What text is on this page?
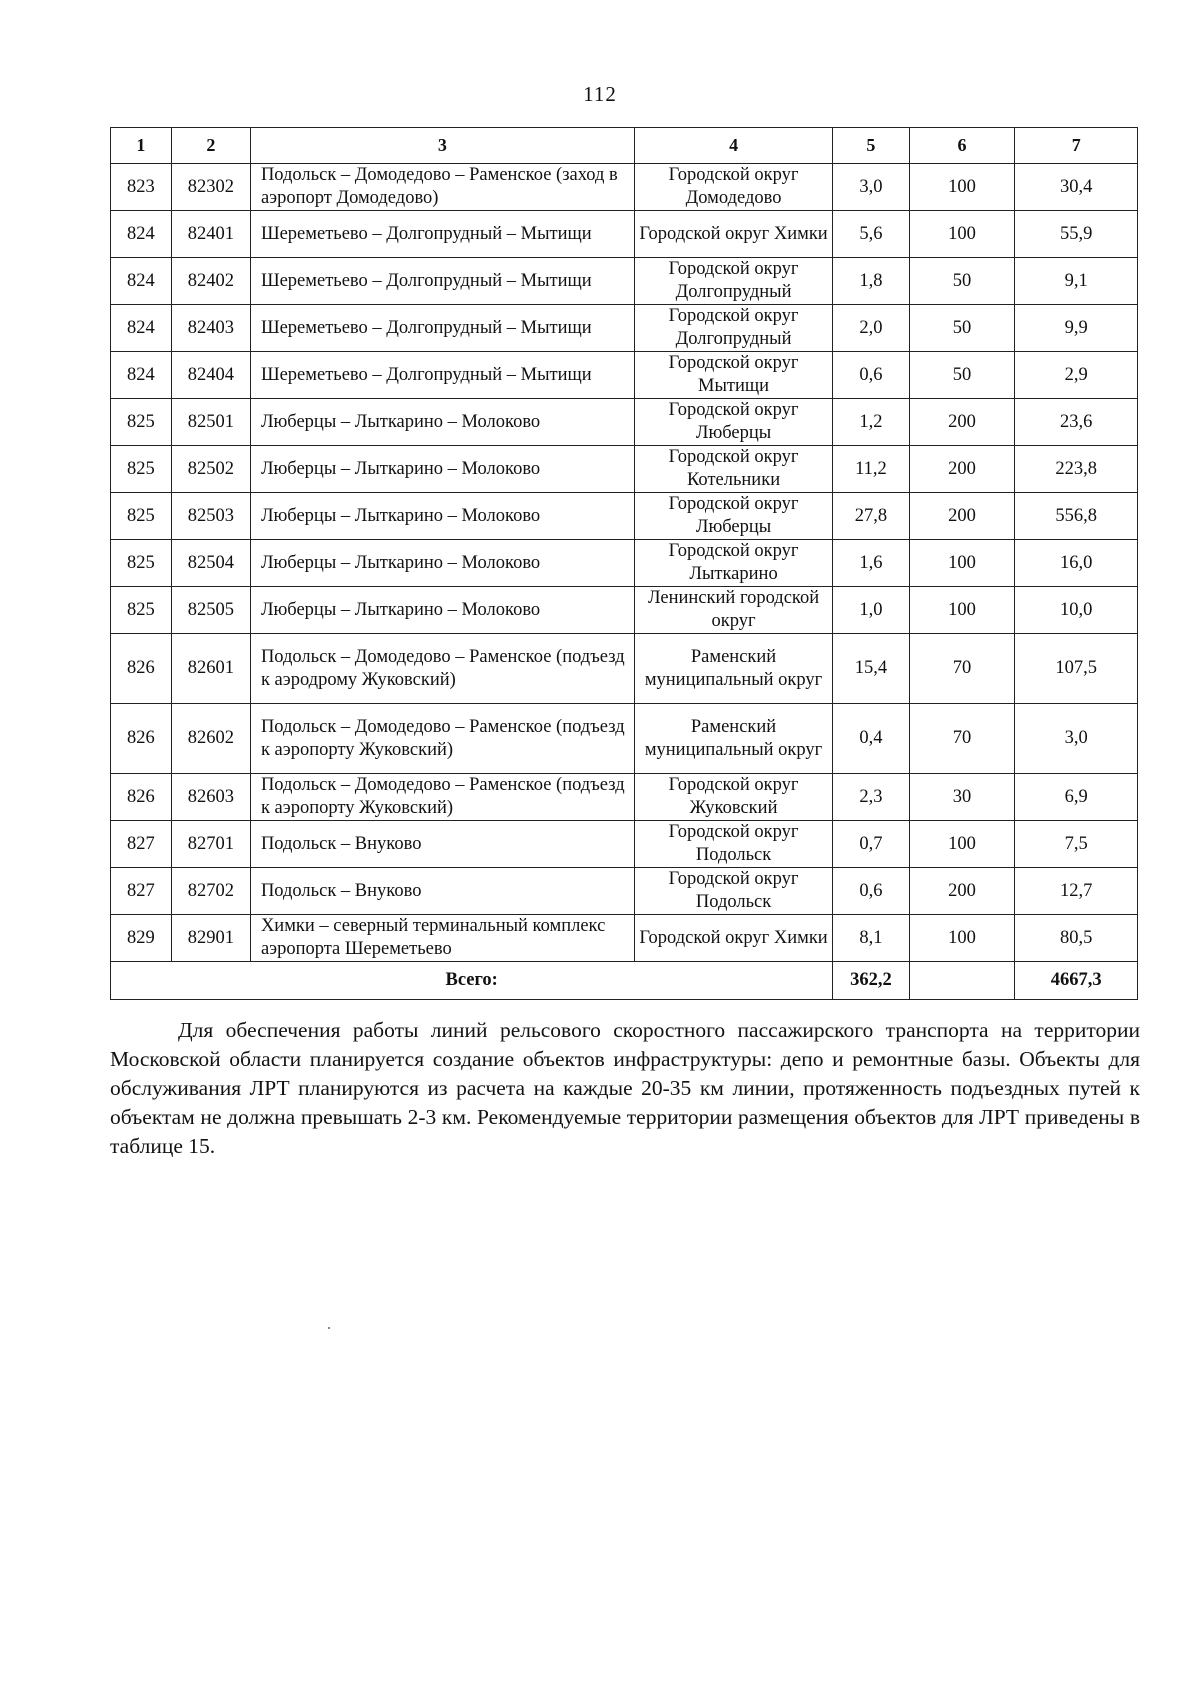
112
1	2	3	4	5	6	7
823	82302	Подольск – Домодедово – Раменское (заход в аэропорт Домодедово)	Городской округ Домодедово	3,0	100	30,4
824	82401	Шереметьево – Долгопрудный – Мытищи	Городской округ Химки	5,6	100	55,9
824	82402	Шереметьево – Долгопрудный – Мытищи	Городской округ Долгопрудный	1,8	50	9,1
824	82403	Шереметьево – Долгопрудный – Мытищи	Городской округ Долгопрудный	2,0	50	9,9
824	82404	Шереметьево – Долгопрудный – Мытищи	Городской округ Мытищи	0,6	50	2,9
825	82501	Люберцы – Лыткарино – Молоково	Городской округ Люберцы	1,2	200	23,6
825	82502	Люберцы – Лыткарино – Молоково	Городской округ Котельники	11,2	200	223,8
825	82503	Люберцы – Лыткарино – Молоково	Городской округ Люберцы	27,8	200	556,8
825	82504	Люберцы – Лыткарино – Молоково	Городской округ Лыткарино	1,6	100	16,0
825	82505	Люберцы – Лыткарино – Молоково	Ленинский городской округ	1,0	100	10,0
826	82601	Подольск – Домодедово – Раменское (подъезд к аэродрому Жуковский)	Раменский муниципальный округ	15,4	70	107,5
826	82602	Подольск – Домодедово – Раменское (подъезд к аэропорту Жуковский)	Раменский муниципальный округ	0,4	70	3,0
826	82603	Подольск – Домодедово – Раменское (подъезд к аэропорту Жуковский)	Городской округ Жуковский	2,3	30	6,9
827	82701	Подольск – Внуково	Городской округ Подольск	0,7	100	7,5
827	82702	Подольск – Внуково	Городской округ Подольск	0,6	200	12,7
829	82901	Химки – северный терминальный комплекс аэропорта Шереметьево	Городской округ Химки	8,1	100	80,5
Всего:				362,2		4667,3
Для обеспечения работы линий рельсового скоростного пассажирского транспорта на территории Московской области планируется создание объектов инфраструктуры: депо и ремонтные базы. Объекты для обслуживания ЛРТ планируются из расчета на каждые 20-35 км линии, протяженность подъездных путей к объектам не должна превышать 2-3 км. Рекомендуемые территории размещения объектов для ЛРТ приведены в таблице 15.
